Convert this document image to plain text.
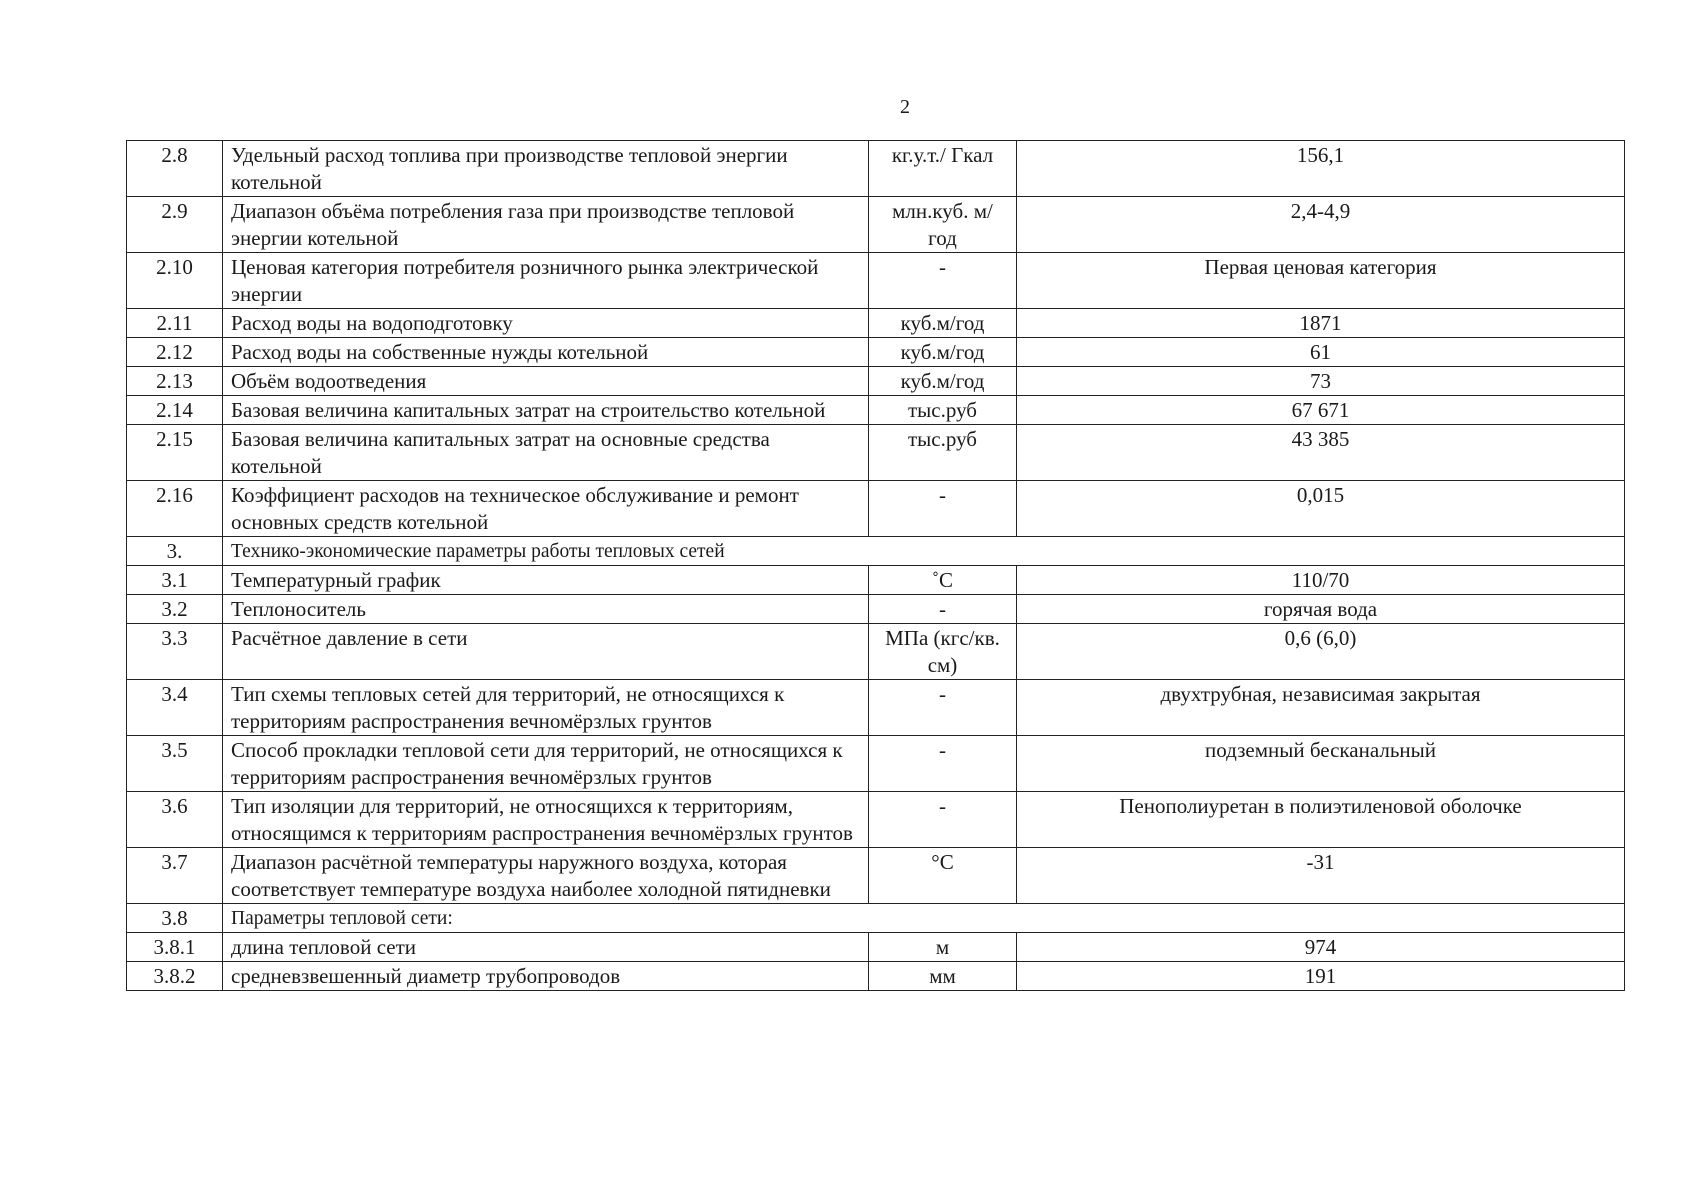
2
2.8	Удельный расход топлива при производстве тепловой энергии котельной	кг.у.т./ Гкал	156,1
2.9	Диапазон объёма потребления газа при производстве тепловой энергии котельной	млн.куб. м/ год	2,4-4,9
2.10	Ценовая категория потребителя розничного рынка электрической энергии	-	Первая ценовая категория
2.11	Расход воды на водоподготовку	куб.м/год	1871
2.12	Расход воды на собственные нужды котельной	куб.м/год	61
2.13	Объём водоотведения	куб.м/год	73
2.14	Базовая величина капитальных затрат на строительство котельной	тыс.руб	67 671
2.15	Базовая величина капитальных затрат на основные средства котельной	тыс.руб	43 385
2.16	Коэффициент расходов на техническое обслуживание и ремонт основных средств котельной	-	0,015
3.	Технико-экономические параметры работы тепловых сетей		
3.1	Температурный график	˚С	110/70
3.2	Теплоноситель	-	горячая вода
3.3	Расчётное давление в сети	МПа (кгс/кв. см)	0,6 (6,0)
3.4	Тип схемы тепловых сетей для территорий, не относящихся к территориям распространения вечномёрзлых грунтов	-	двухтрубная, независимая закрытая
3.5	Способ прокладки тепловой сети для территорий, не относящихся к территориям распространения вечномёрзлых грунтов	-	подземный бесканальный
3.6	Тип изоляции для территорий, не относящихся к территориям, относящимся к территориям распространения вечномёрзлых грунтов	-	Пенополиуретан в полиэтиленовой оболочке
3.7	Диапазон расчётной температуры наружного воздуха, которая соответствует температуре воздуха наиболее холодной пятидневки	°С	-31
3.8	Параметры тепловой сети:		
3.8.1	длина тепловой сети	м	974
3.8.2	средневзвешенный диаметр трубопроводов	мм	191
